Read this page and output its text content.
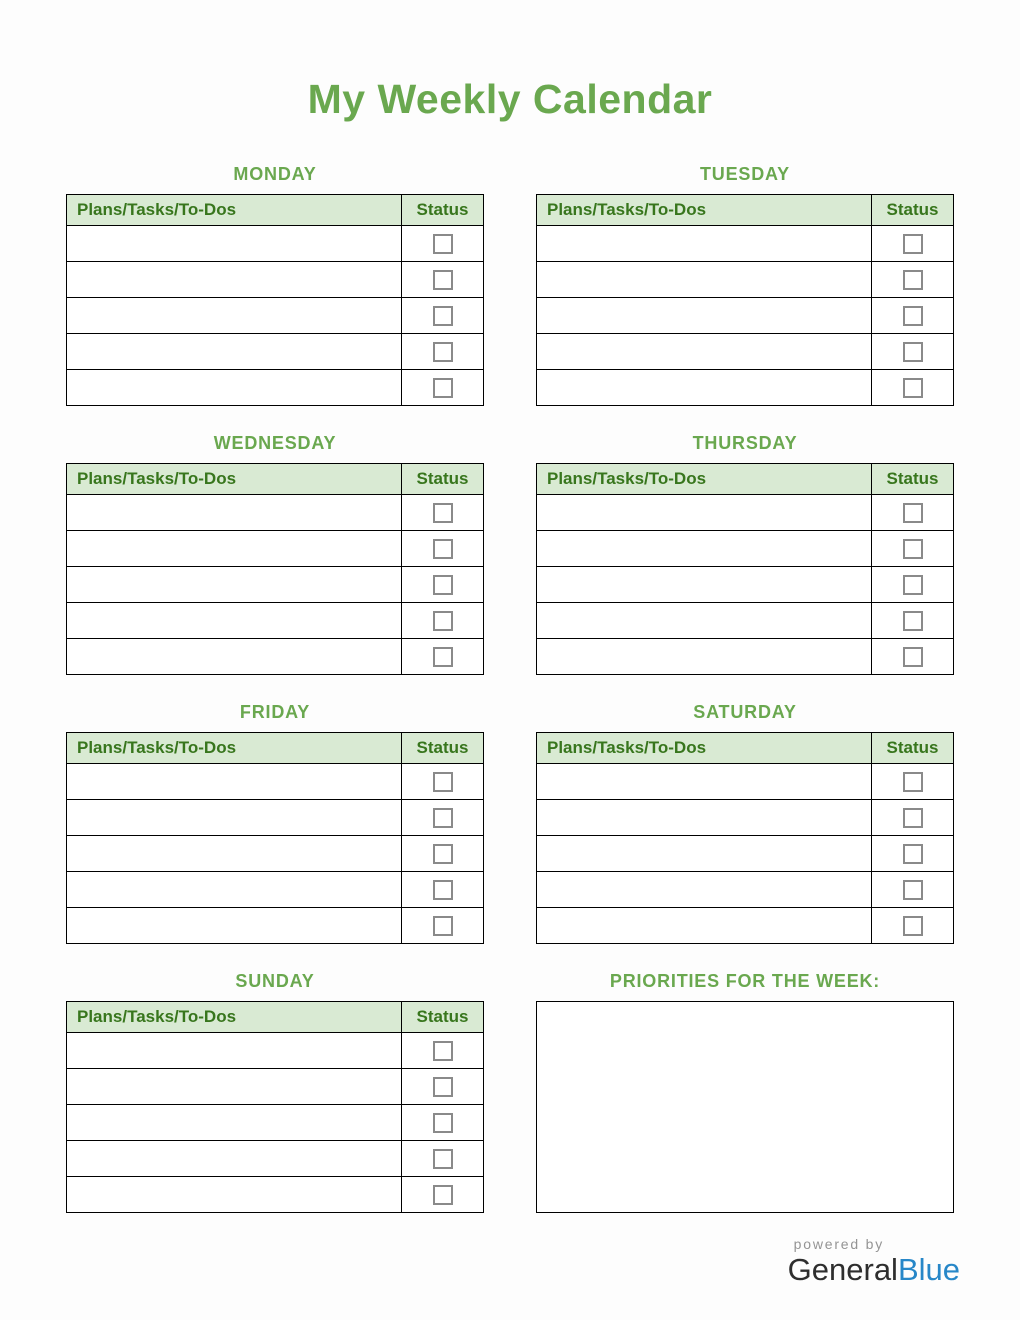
My Weekly Calendar
MONDAY
Plans/Tasks/To-Dos	Status
TUESDAY
Plans/Tasks/To-Dos	Status
WEDNESDAY
Plans/Tasks/To-Dos	Status
THURSDAY
Plans/Tasks/To-Dos	Status
FRIDAY
Plans/Tasks/To-Dos	Status
SATURDAY
Plans/Tasks/To-Dos	Status
SUNDAY
Plans/Tasks/To-Dos	Status
PRIORITIES FOR THE WEEK:
powered by
GeneralBlue
